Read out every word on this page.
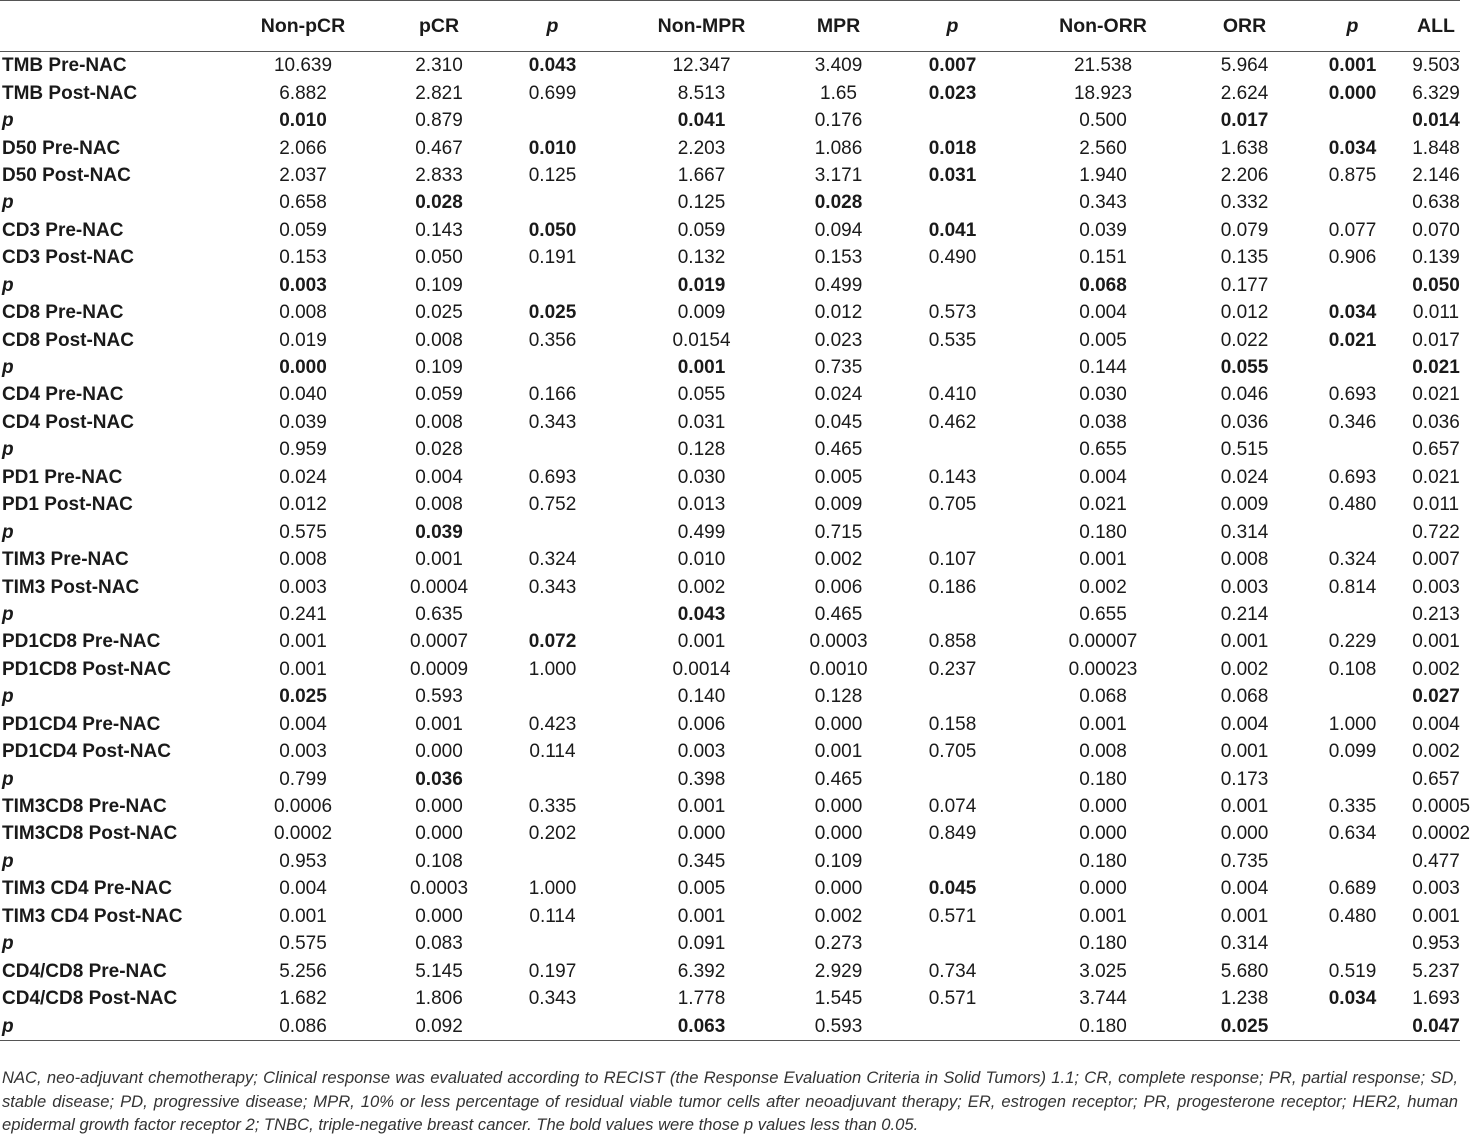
	Non-pCR	pCR	p	Non-MPR	MPR	p	Non-ORR	ORR	p	ALL
TMB Pre-NAC	10.639	2.310	0.043	12.347	3.409	0.007	21.538	5.964	0.001	9.503
TMB Post-NAC	6.882	2.821	0.699	8.513	1.65	0.023	18.923	2.624	0.000	6.329
p	0.010	0.879		0.041	0.176		0.500	0.017		0.014
D50 Pre-NAC	2.066	0.467	0.010	2.203	1.086	0.018	2.560	1.638	0.034	1.848
D50 Post-NAC	2.037	2.833	0.125	1.667	3.171	0.031	1.940	2.206	0.875	2.146
p	0.658	0.028		0.125	0.028		0.343	0.332		0.638
CD3 Pre-NAC	0.059	0.143	0.050	0.059	0.094	0.041	0.039	0.079	0.077	0.070
CD3 Post-NAC	0.153	0.050	0.191	0.132	0.153	0.490	0.151	0.135	0.906	0.139
p	0.003	0.109		0.019	0.499		0.068	0.177		0.050
CD8 Pre-NAC	0.008	0.025	0.025	0.009	0.012	0.573	0.004	0.012	0.034	0.011
CD8 Post-NAC	0.019	0.008	0.356	0.0154	0.023	0.535	0.005	0.022	0.021	0.017
p	0.000	0.109		0.001	0.735		0.144	0.055		0.021
CD4 Pre-NAC	0.040	0.059	0.166	0.055	0.024	0.410	0.030	0.046	0.693	0.021
CD4 Post-NAC	0.039	0.008	0.343	0.031	0.045	0.462	0.038	0.036	0.346	0.036
p	0.959	0.028		0.128	0.465		0.655	0.515		0.657
PD1 Pre-NAC	0.024	0.004	0.693	0.030	0.005	0.143	0.004	0.024	0.693	0.021
PD1 Post-NAC	0.012	0.008	0.752	0.013	0.009	0.705	0.021	0.009	0.480	0.011
p	0.575	0.039		0.499	0.715		0.180	0.314		0.722
TIM3 Pre-NAC	0.008	0.001	0.324	0.010	0.002	0.107	0.001	0.008	0.324	0.007
TIM3 Post-NAC	0.003	0.0004	0.343	0.002	0.006	0.186	0.002	0.003	0.814	0.003
p	0.241	0.635		0.043	0.465		0.655	0.214		0.213
PD1CD8 Pre-NAC	0.001	0.0007	0.072	0.001	0.0003	0.858	0.00007	0.001	0.229	0.001
PD1CD8 Post-NAC	0.001	0.0009	1.000	0.0014	0.0010	0.237	0.00023	0.002	0.108	0.002
p	0.025	0.593		0.140	0.128		0.068	0.068		0.027
PD1CD4 Pre-NAC	0.004	0.001	0.423	0.006	0.000	0.158	0.001	0.004	1.000	0.004
PD1CD4 Post-NAC	0.003	0.000	0.114	0.003	0.001	0.705	0.008	0.001	0.099	0.002
p	0.799	0.036		0.398	0.465		0.180	0.173		0.657
TIM3CD8 Pre-NAC	0.0006	0.000	0.335	0.001	0.000	0.074	0.000	0.001	0.335	0.0005
TIM3CD8 Post-NAC	0.0002	0.000	0.202	0.000	0.000	0.849	0.000	0.000	0.634	0.0002
p	0.953	0.108		0.345	0.109		0.180	0.735		0.477
TIM3 CD4 Pre-NAC	0.004	0.0003	1.000	0.005	0.000	0.045	0.000	0.004	0.689	0.003
TIM3 CD4 Post-NAC	0.001	0.000	0.114	0.001	0.002	0.571	0.001	0.001	0.480	0.001
p	0.575	0.083		0.091	0.273		0.180	0.314		0.953
CD4/CD8 Pre-NAC	5.256	5.145	0.197	6.392	2.929	0.734	3.025	5.680	0.519	5.237
CD4/CD8 Post-NAC	1.682	1.806	0.343	1.778	1.545	0.571	3.744	1.238	0.034	1.693
p	0.086	0.092		0.063	0.593		0.180	0.025		0.047
NAC, neo-adjuvant chemotherapy; Clinical response was evaluated according to RECIST (the Response Evaluation Criteria in Solid Tumors) 1.1; CR, complete response; PR, partial response; SD, stable disease; PD, progressive disease; MPR, 10% or less percentage of residual viable tumor cells after neoadjuvant therapy; ER, estrogen receptor; PR, progesterone receptor; HER2, human epidermal growth factor receptor 2; TNBC, triple-negative breast cancer. The bold values were those p values less than 0.05.
